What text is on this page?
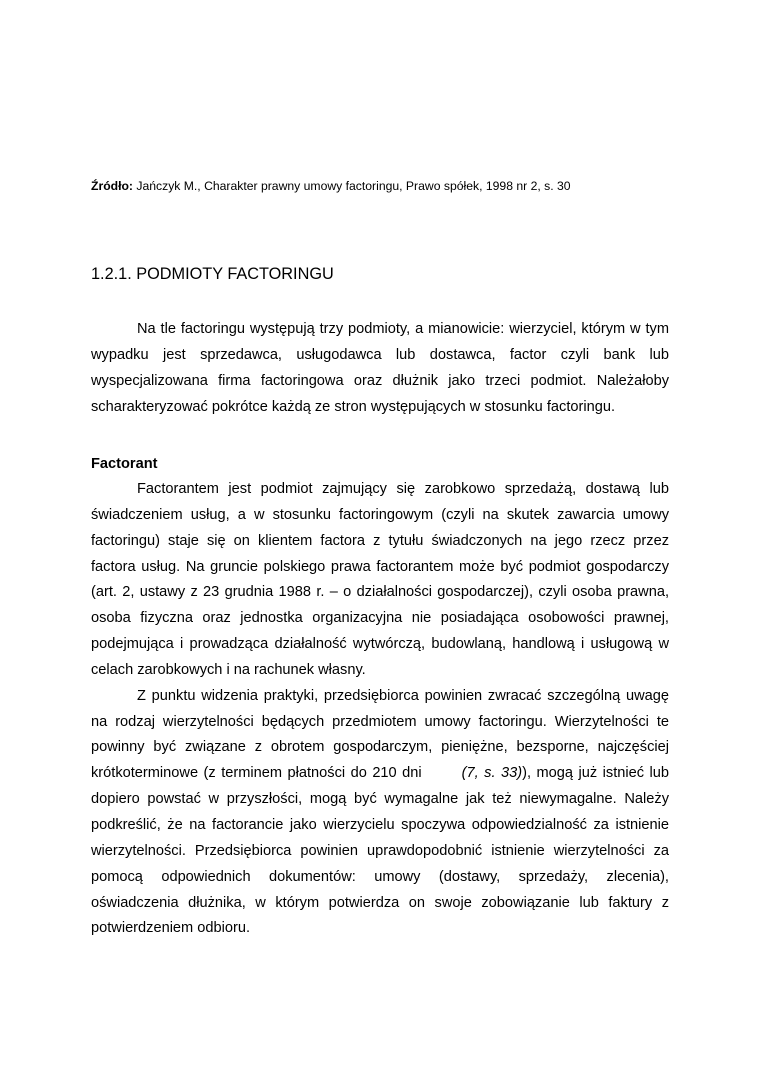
Źródło: Jańczyk M., Charakter prawny umowy factoringu, Prawo spółek, 1998 nr 2, s. 30
1.2.1. PODMIOTY FACTORINGU

Na tle factoringu występują trzy podmioty, a mianowicie: wierzyciel, którym w tym wypadku jest sprzedawca, usługodawca lub dostawca, factor czyli bank lub wyspecjalizowana firma factoringowa oraz dłużnik jako trzeci podmiot. Należałoby scharakteryzować pokrótce każdą ze stron występujących w stosunku factoringu.

Factorant

Factorantem jest podmiot zajmujący się zarobkowo sprzedażą, dostawą lub świadczeniem usług, a w stosunku factoringowym (czyli na skutek zawarcia umowy factoringu) staje się on klientem factora z tytułu świadczonych na jego rzecz przez factora usług. Na gruncie polskiego prawa factorantem może być podmiot gospodarczy (art. 2, ustawy z 23 grudnia 1988 r. – o działalności gospodarczej), czyli osoba prawna, osoba fizyczna oraz jednostka organizacyjna nie posiadająca osobowości prawnej, podejmująca i prowadząca działalność wytwórczą, budowlaną, handlową i usługową w celach zarobkowych i na rachunek własny.

Z punktu widzenia praktyki, przedsiębiorca powinien zwracać szczególną uwagę na rodzaj wierzytelności będących przedmiotem umowy factoringu. Wierzytelności te powinny być związane z obrotem gospodarczym, pieniężne, bezsporne, najczęściej krótkoterminowe (z terminem płatności do 210 dni	(7, s. 33)), mogą już istnieć lub dopiero powstać w przyszłości, mogą być wymagalne jak też niewymagalne. Należy podkreślić, że na factorancie jako wierzycielu spoczywa odpowiedzialność za istnienie wierzytelności. Przedsiębiorca powinien uprawdopodobnić istnienie wierzytelności za pomocą odpowiednich dokumentów: umowy (dostawy, sprzedaży, zlecenia), oświadczenia dłużnika, w którym potwierdza on swoje zobowiązanie lub faktury z potwierdzeniem odbioru.
